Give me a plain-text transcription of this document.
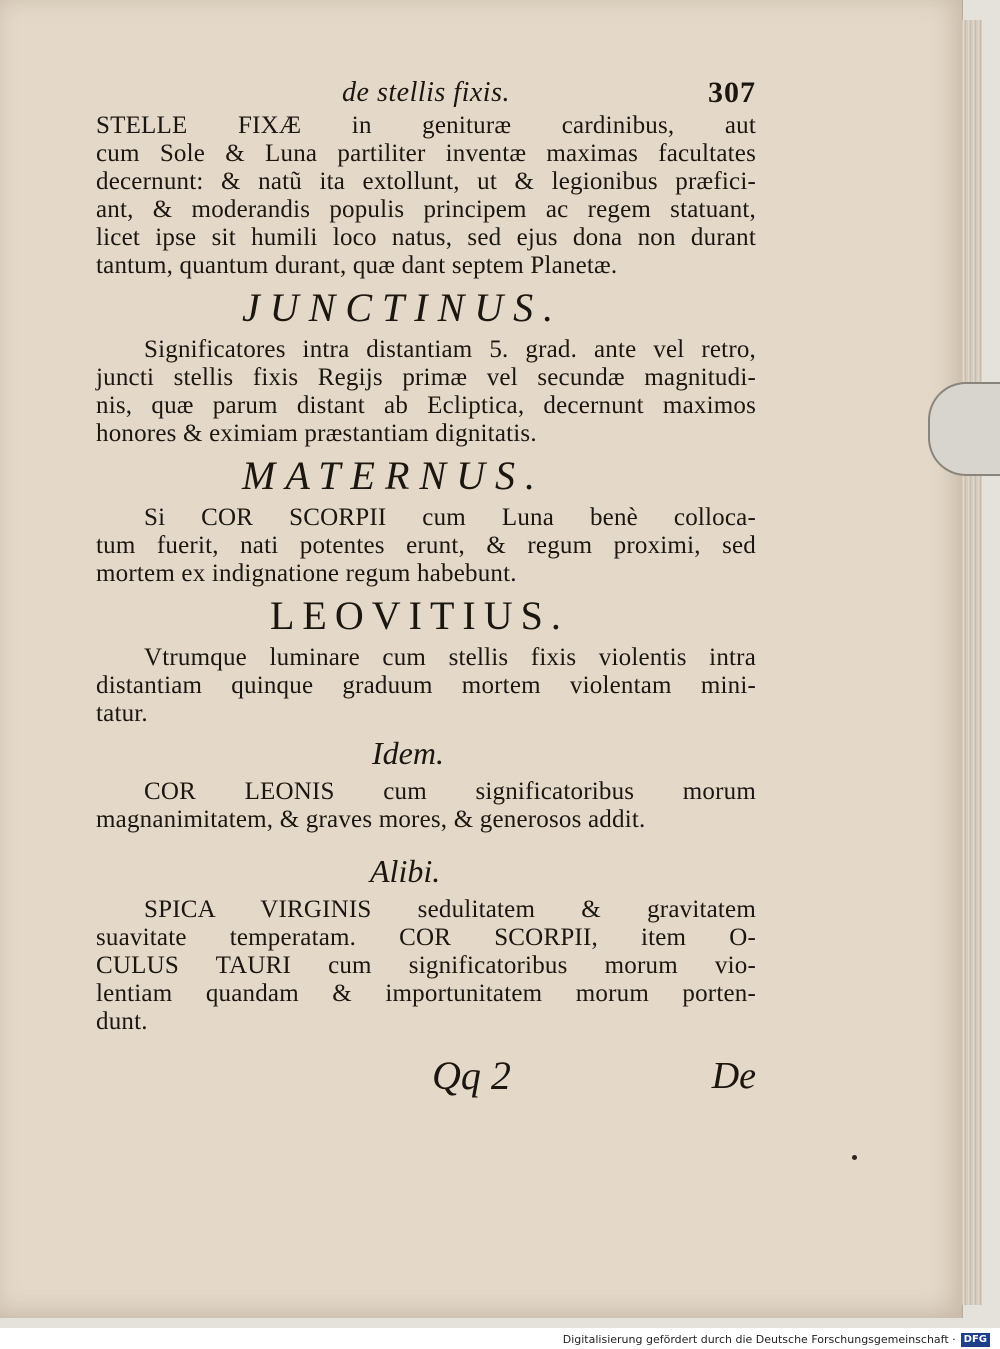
de stellis fixis.	307
STELLE FIXÆ in genituræ cardinibus, aut
cum Sole & Luna partiliter inventæ maximas facultates
decernunt: & natũ ita extollunt, ut & legionibus præfici-
ant, & moderandis populis principem ac regem statuant,
licet ipse sit humili loco natus, sed ejus dona non durant
tantum, quantum durant, quæ dant septem Planetæ.
JUNCTINUS.
Significatores intra distantiam 5. grad. ante vel retro,
juncti stellis fixis Regijs primæ vel secundæ magnitudi-
nis, quæ parum distant ab Ecliptica, decernunt maximos
honores & eximiam præstantiam dignitatis.
MATERNUS.
Si COR SCORPII cum Luna benè colloca-
tum fuerit, nati potentes erunt, & regum proximi, sed
mortem ex indignatione regum habebunt.
LEOVITIUS.
Vtrumque luminare cum stellis fixis violentis intra
distantiam quinque graduum mortem violentam mini-
tatur.
Idem.
COR LEONIS cum significatoribus morum
magnanimitatem, & graves mores, & generosos addit.
Alibi.
SPICA VIRGINIS sedulitatem & gravitatem
suavitate temperatam. COR SCORPII, item O-
CULUS TAURI cum significatoribus morum vio-
lentiam quandam & importunitatem morum porten-
dunt.
Qq 2	De
Digitalisierung gefördert durch die Deutsche Forschungsgemeinschaft · DFG
